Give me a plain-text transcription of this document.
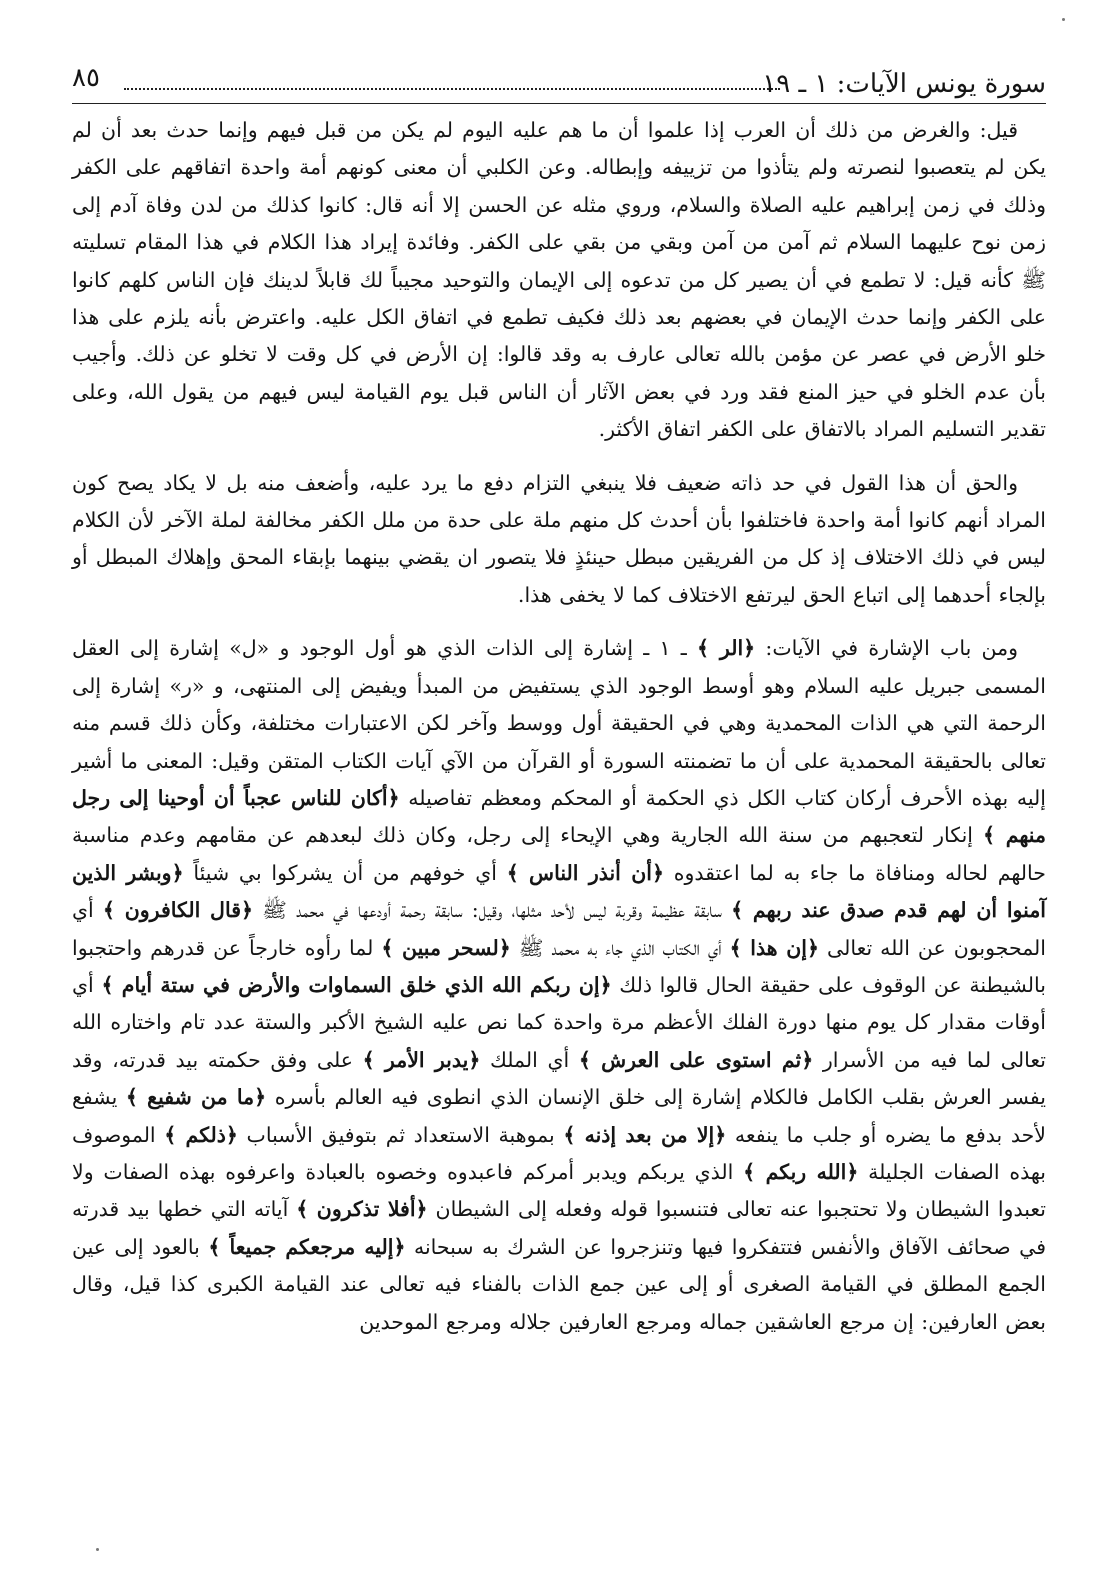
سورة يونس الآيات: ١ ـ ١٩
٨٥

قيل: والغرض من ذلك أن العرب إذا علموا أن ما هم عليه اليوم لم يكن من قبل فيهم وإنما حدث بعد أن لم يكن لم يتعصبوا لنصرته ولم يتأذوا من تزييفه وإبطاله. وعن الكلبي أن معنى كونهم أمة واحدة اتفاقهم على الكفر وذلك في زمن إبراهيم عليه الصلاة والسلام، وروي مثله عن الحسن إلا أنه قال: كانوا كذلك من لدن وفاة آدم إلى زمن نوح عليهما السلام ثم آمن من آمن وبقي من بقي على الكفر. وفائدة إيراد هذا الكلام في هذا المقام تسليته ﷺ كأنه قيل: لا تطمع في أن يصير كل من تدعوه إلى الإيمان والتوحيد مجيباً لك قابلاً لدينك فإن الناس كلهم كانوا على الكفر وإنما حدث الإيمان في بعضهم بعد ذلك فكيف تطمع في اتفاق الكل عليه. واعترض بأنه يلزم على هذا خلو الأرض في عصر عن مؤمن بالله تعالى عارف به وقد قالوا: إن الأرض في كل وقت لا تخلو عن ذلك. وأجيب بأن عدم الخلو في حيز المنع فقد ورد في بعض الآثار أن الناس قبل يوم القيامة ليس فيهم من يقول الله، وعلى تقدير التسليم المراد بالاتفاق على الكفر اتفاق الأكثر.

والحق أن هذا القول في حد ذاته ضعيف فلا ينبغي التزام دفع ما يرد عليه، وأضعف منه بل لا يكاد يصح كون المراد أنهم كانوا أمة واحدة فاختلفوا بأن أحدث كل منهم ملة على حدة من ملل الكفر مخالفة لملة الآخر لأن الكلام ليس في ذلك الاختلاف إذ كل من الفريقين مبطل حينئذٍ فلا يتصور ان يقضي بينهما بإبقاء المحق وإهلاك المبطل أو بإلجاء أحدهما إلى اتباع الحق ليرتفع الاختلاف كما لا يخفى هذا.

ومن باب الإشارة في الآيات: ﴿الر ﴾ ـ ١ ـ إشارة إلى الذات الذي هو أول الوجود و «ل» إشارة إلى العقل المسمى جبريل عليه السلام وهو أوسط الوجود الذي يستفيض من المبدأ ويفيض إلى المنتهى، و «ر» إشارة إلى الرحمة التي هي الذات المحمدية وهي في الحقيقة أول ووسط وآخر لكن الاعتبارات مختلفة، وكأن ذلك قسم منه تعالى بالحقيقة المحمدية على أن ما تضمنته السورة أو القرآن من الآي آيات الكتاب المتقن وقيل: المعنى ما أشير إليه بهذه الأحرف أركان كتاب الكل ذي الحكمة أو المحكم ومعظم تفاصيله ﴿أكان للناس عجباً أن أوحينا إلى رجل منهم ﴾ إنكار لتعجبهم من سنة الله الجارية وهي الإيحاء إلى رجل، وكان ذلك لبعدهم عن مقامهم وعدم مناسبة حالهم لحاله ومنافاة ما جاء به لما اعتقدوه ﴿أن أنذر الناس ﴾ أي خوفهم من أن يشركوا بي شيئاً ﴿وبشر الذين آمنوا أن لهم قدم صدق عند ربهم ﴾ سابقة عظيمة وقربة ليس لأحد مثلها، وقيل: سابقة رحمة أودعها في محمد ﷺ ﴿قال الكافرون ﴾ أي المحجوبون عن الله تعالى ﴿إن هذا ﴾ أي الكتاب الذي جاء به محمد ﷺ ﴿لسحر مبين ﴾ لما رأوه خارجاً عن قدرهم واحتجبوا بالشيطنة عن الوقوف على حقيقة الحال قالوا ذلك ﴿إن ربكم الله الذي خلق السماوات والأرض في ستة أيام ﴾ أي أوقات مقدار كل يوم منها دورة الفلك الأعظم مرة واحدة كما نص عليه الشيخ الأكبر والستة عدد تام واختاره الله تعالى لما فيه من الأسرار ﴿ثم استوى على العرش ﴾ أي الملك ﴿يدبر الأمر ﴾ على وفق حكمته بيد قدرته، وقد يفسر العرش بقلب الكامل فالكلام إشارة إلى خلق الإنسان الذي انطوى فيه العالم بأسره ﴿ما من شفيع ﴾ يشفع لأحد بدفع ما يضره أو جلب ما ينفعه ﴿إلا من بعد إذنه ﴾ بموهبة الاستعداد ثم بتوفيق الأسباب ﴿ذلكم ﴾ الموصوف بهذه الصفات الجليلة ﴿الله ربكم ﴾ الذي يربكم ويدبر أمركم فاعبدوه وخصوه بالعبادة واعرفوه بهذه الصفات ولا تعبدوا الشيطان ولا تحتجبوا عنه تعالى فتنسبوا قوله وفعله إلى الشيطان ﴿أفلا تذكرون ﴾ آياته التي خطها بيد قدرته في صحائف الآفاق والأنفس فتتفكروا فيها وتنزجروا عن الشرك به سبحانه ﴿إليه مرجعكم جميعاً ﴾ بالعود إلى عين الجمع المطلق في القيامة الصغرى أو إلى عين جمع الذات بالفناء فيه تعالى عند القيامة الكبرى كذا قيل، وقال بعض العارفين: إن مرجع العاشقين جماله ومرجع العارفين جلاله ومرجع الموحدين
